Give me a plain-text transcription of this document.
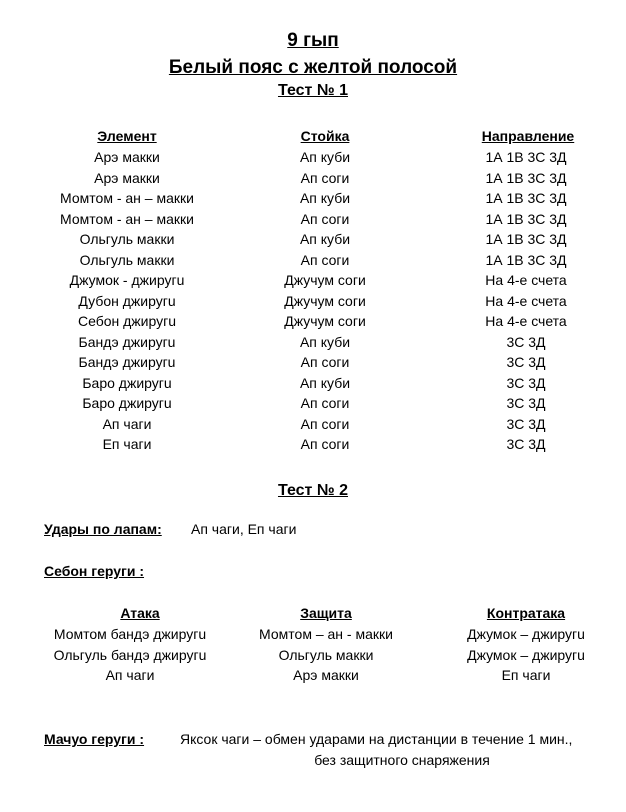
9 гып
Белый пояс с желтой полосой
Тест № 1
Элемент	Стойка	Направление
Арэ макки	Ап куби	1А 1В 3С 3Д
Арэ макки	Ап соги	1А 1В 3С 3Д
Момтом - ан – макки	Ап куби	1А 1В 3С 3Д
Момтом - ан – макки	Ап соги	1А 1В 3С 3Д
Ольгуль макки	Ап куби	1А 1В 3С 3Д
Ольгуль макки	Ап соги	1А 1В 3С 3Д
Джумок - джиругu	Джучум соги	На 4-е счета
Дубон джиругu	Джучум соги	На 4-е счета
Себон джиругu	Джучум соги	На 4-е счета
Бандэ джиругu	Ап куби	3С 3Д
Бандэ джиругu	Ап соги	3С 3Д
Баро джиругu	Ап куби	3С 3Д
Баро джиругu	Ап соги	3С 3Д
Ап чаги	Ап соги	3С 3Д
Еп чаги	Ап соги	3С 3Д
Тест № 2
Удары по лапам: Ап чаги, Еп чаги
Себон геруги :
Атака	Защита	Контратака
Момтом бандэ джиругu	Момтом – ан - макки	Джумок – джиругu
Ольгуль бандэ джиругu	Ольгуль макки	Джумок – джиругu
Ап чаги	Арэ макки	Еп чаги
Мачуо геруги :	Яксок чаги – обмен ударами на дистанции в течение 1 мин.,
без защитного снаряжения
